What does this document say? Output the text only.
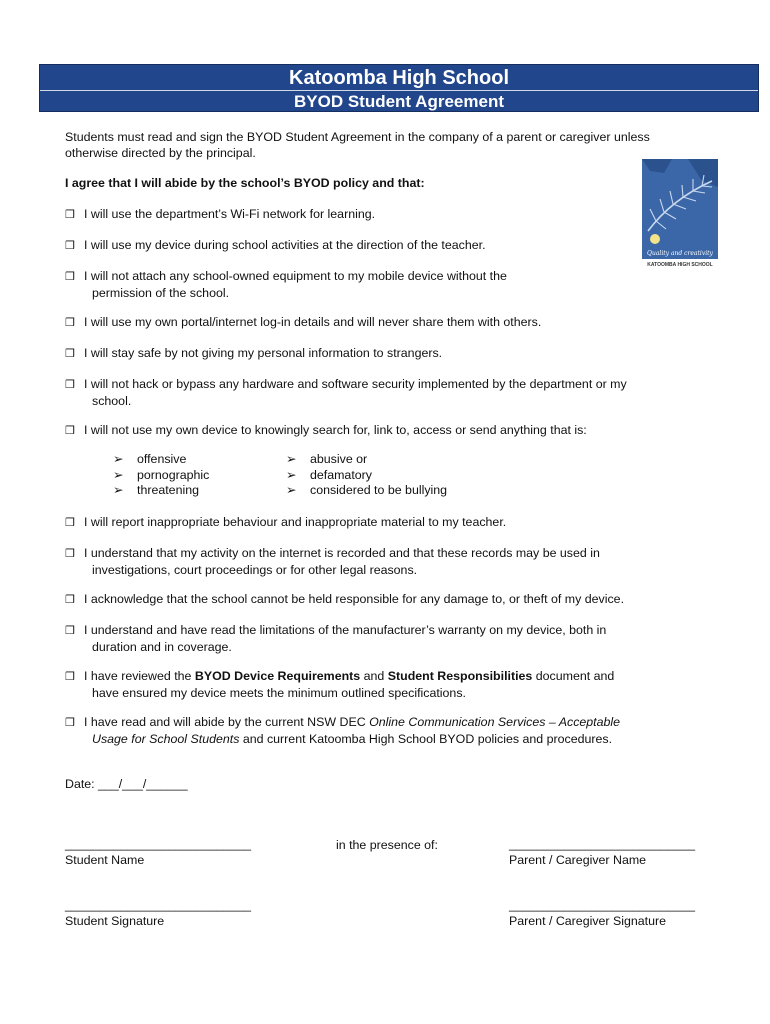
Katoomba High School
BYOD Student Agreement
Students must read and sign the BYOD Student Agreement in the company of a parent or caregiver unless otherwise directed by the principal.
Quality and creativity
KATOOMBA HIGH SCHOOL
I agree that I will abide by the school’s BYOD policy and that:
❒ I will use the department’s Wi-Fi network for learning.
❒ I will use my device during school activities at the direction of the teacher.
❒ I will not attach any school-owned equipment to my mobile device without the
permission of the school.
❒ I will use my own portal/internet log-in details and will never share them with others.
❒ I will stay safe by not giving my personal information to strangers.
❒ I will not hack or bypass any hardware and software security implemented by the department or my
school.
❒ I will not use my own device to knowingly search for, link to, access or send anything that is:
➢ offensive
➢ pornographic
➢ threatening
➢ abusive or
➢ defamatory
➢ considered to be bullying
❒ I will report inappropriate behaviour and inappropriate material to my teacher.
❒ I understand that my activity on the internet is recorded and that these records may be used in
investigations, court proceedings or for other legal reasons.
❒ I acknowledge that the school cannot be held responsible for any damage to, or theft of my device.
❒ I understand and have read the limitations of the manufacturer’s warranty on my device, both in
duration and in coverage.
❒ I have reviewed the BYOD Device Requirements and Student Responsibilities document and
have ensured my device meets the minimum outlined specifications.
❒ I have read and will abide by the current NSW DEC Online Communication Services – Acceptable
Usage for School Students and current Katoomba High School BYOD policies and procedures.
Date: ___/___/______
___________________________
Student Name
in the presence of:	___________________________
Parent / Caregiver Name
___________________________
Student Signature
___________________________
Parent / Caregiver Signature
